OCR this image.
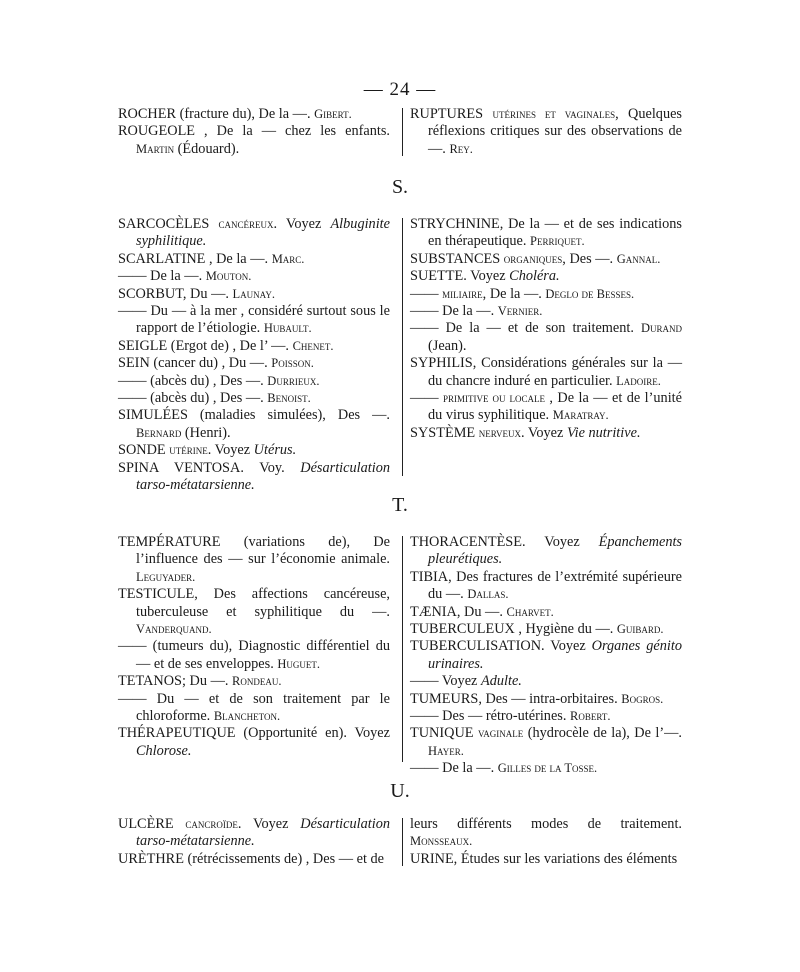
— 24 —

ROCHER (fracture du), De la —. Gibert.

ROUGEOLE , De la — chez les enfants. Martin (Édouard).

RUPTURES utérines et vaginales, Quelques réflexions critiques sur des observations de —. Rey.

S.

SARCOCÈLES cancéreux. Voyez Albuginite syphilitique.

SCARLATINE , De la —. Marc.

—— De la —. Mouton.

SCORBUT, Du —. Launay.

—— Du — à la mer , considéré surtout sous le rapport de l’étiologie. Hubault.

SEIGLE (Ergot de) , De l’ —. Chenet.

SEIN (cancer du) , Du —. Poisson.

—— (abcès du) , Des —. Durrieux.

—— (abcès du) , Des —. Benoist.

SIMULÉES (maladies simulées), Des —. Bernard (Henri).

SONDE utérine. Voyez Utérus.

SPINA VENTOSA. Voy. Désarticulation tarso-métatarsienne.

STRYCHNINE, De la — et de ses indications en thérapeutique. Perriquet.

SUBSTANCES organiques, Des —. Gannal.

SUETTE. Voyez Choléra.

—— miliaire, De la —. Deglo de Besses.

—— De la —. Vernier.

—— De la — et de son traitement. Durand (Jean).

SYPHILIS, Considérations générales sur la — du chancre induré en particulier. Ladoire.

—— primitive ou locale , De la — et de l’unité du virus syphilitique. Maratray.

SYSTÈME nerveux. Voyez Vie nutritive.

T.

TEMPÉRATURE (variations de), De l’influence des — sur l’économie animale. Leguyader.

TESTICULE, Des affections cancéreuse, tuberculeuse et syphilitique du —. Vanderquand.

—— (tumeurs du), Diagnostic différentiel du — et de ses enveloppes. Huguet.

TETANOS; Du —. Rondeau.

—— Du — et de son traitement par le chloroforme. Blancheton.

THÉRAPEUTIQUE (Opportunité en). Voyez Chlorose.

THORACENTÈSE. Voyez Épanchements pleurétiques.

TIBIA, Des fractures de l’extrémité supérieure du —. Dallas.

TÆNIA, Du —. Charvet.

TUBERCULEUX , Hygiène du —. Guibard.

TUBERCULISATION. Voyez Organes génito urinaires.

—— Voyez Adulte.

TUMEURS, Des — intra-orbitaires. Bogros.

—— Des — rétro-utérines. Robert.

TUNIQUE vaginale (hydrocèle de la), De l’—. Hayer.

—— De la —. Gilles de la Tosse.

U.

ULCÈRE cancroïde. Voyez Désarticulation tarso-métatarsienne.

URÈTHRE (rétrécissements de) , Des — et de

leurs différents modes de traitement. Monsseaux.

URINE, Études sur les variations des éléments
